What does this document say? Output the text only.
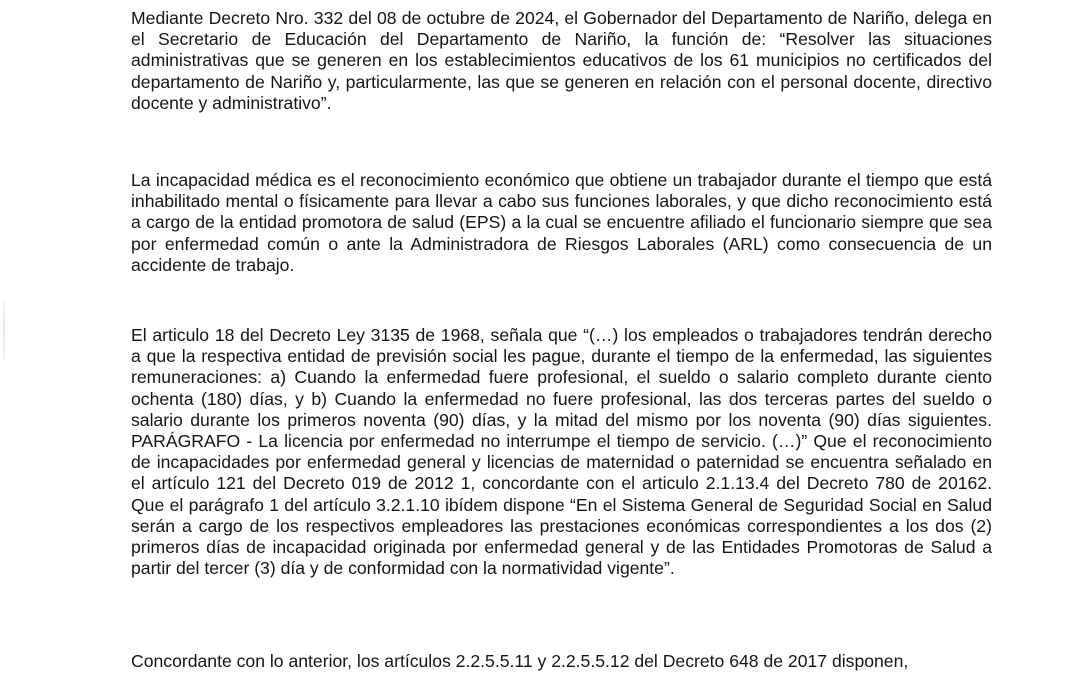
Mediante Decreto Nro. 332 del 08 de octubre de 2024, el Gobernador del Departamento de Nariño, delega en el Secretario de Educación del Departamento de Nariño, la función de: “Resolver las situaciones administrativas que se generen en los establecimientos educativos de los 61 municipios no certificados del departamento de Nariño y, particularmente, las que se generen en relación con el personal docente, directivo docente y administrativo”.

La incapacidad médica es el reconocimiento económico que obtiene un trabajador durante el tiempo que está inhabilitado mental o físicamente para llevar a cabo sus funciones laborales, y que dicho reconocimiento está a cargo de la entidad promotora de salud (EPS) a la cual se encuentre afiliado el funcionario siempre que sea por enfermedad común o ante la Administradora de Riesgos Laborales (ARL) como consecuencia de un accidente de trabajo.

El articulo 18 del Decreto Ley 3135 de 1968, señala que “(…) los empleados o trabajadores tendrán derecho a que la respectiva entidad de previsión social les pague, durante el tiempo de la enfermedad, las siguientes remuneraciones: a) Cuando la enfermedad fuere profesional, el sueldo o salario completo durante ciento ochenta (180) días, y b) Cuando la enfermedad no fuere profesional, las dos terceras partes del sueldo o salario durante los primeros noventa (90) días, y la mitad del mismo por los noventa (90) días siguientes. PARÁGRAFO - La licencia por enfermedad no interrumpe el tiempo de servicio. (…)” Que el reconocimiento de incapacidades por enfermedad general y licencias de maternidad o paternidad se encuentra señalado en el artículo 121 del Decreto 019 de 2012 1, concordante con el articulo 2.1.13.4 del Decreto 780 de 20162. Que el parágrafo 1 del artículo 3.2.1.10 ibídem dispone “En el Sistema General de Seguridad Social en Salud serán a cargo de los respectivos empleadores las prestaciones económicas correspondientes a los dos (2) primeros días de incapacidad originada por enfermedad general y de las Entidades Promotoras de Salud a partir del tercer (3) día y de conformidad con la normatividad vigente”.

Concordante con lo anterior, los artículos 2.2.5.5.11 y 2.2.5.5.12 del Decreto 648 de 2017 disponen,
